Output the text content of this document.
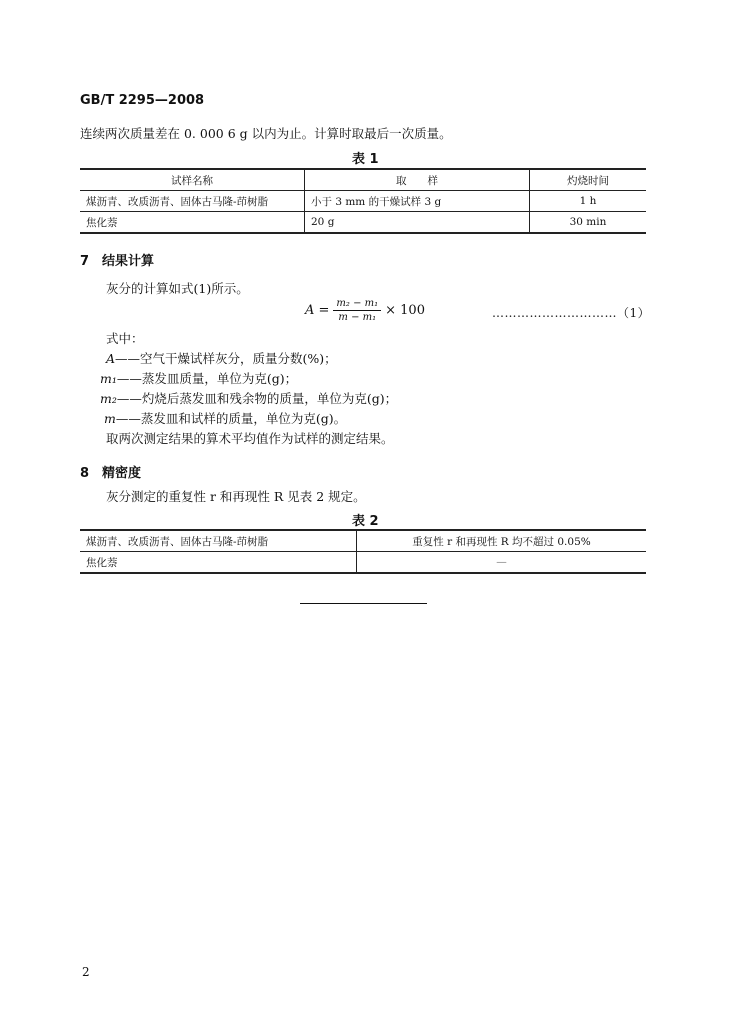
GB/T 2295—2008
连续两次质量差在 0. 000 6 g 以内为止。计算时取最后一次质量。
表 1
试样名称	取　　样	灼烧时间
煤沥青、改质沥青、固体古马隆-茚树脂	小于 3 mm 的干燥试样 3 g	1 h
焦化萘	20 g	30 min
7 结果计算
灰分的计算如式(1)所示。
$A = \frac{\text{m₂ − m₁}}{\text{m − m₁}} \times 100$	…………………………（1）
式中：
A——空气干燥试样灰分，质量分数(%)；
m₁——蒸发皿质量，单位为克(g)；
m₂——灼烧后蒸发皿和残余物的质量，单位为克(g)；
m——蒸发皿和试样的质量，单位为克(g)。
取两次测定结果的算术平均值作为试样的测定结果。
8 精密度
灰分测定的重复性 r 和再现性 R 见表 2 规定。
表 2
煤沥青、改质沥青、固体古马隆-茚树脂	重复性 r 和再现性 R 均不超过 0.05%
焦化萘	—
2
